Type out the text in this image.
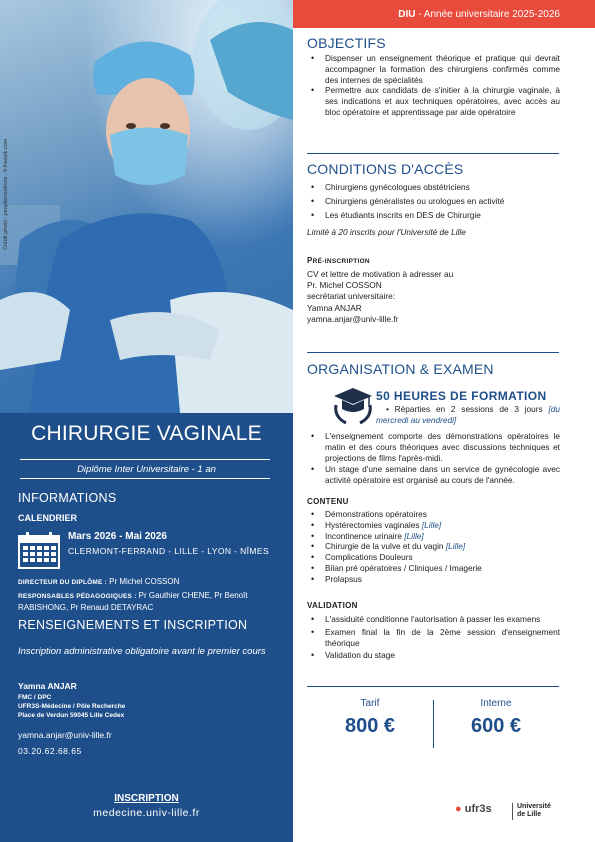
CHIRURGIE VAGINALE
Diplôme Inter Universitaire - 1 an
INFORMATIONS
CALENDRIER
Mars 2026 - Mai 2026
CLERMONT-FERRAND - LILLE - LYON - NÎMES
DIRECTEUR DU DIPLÔME : Pr Michel COSSON
RESPONSABLES PÉDAGOGIQUES : Pr Gauthier CHENE, Pr Benoît RABISHONG, Pr Renaud DETAYRAC
RENSEIGNEMENTS ET INSCRIPTION
Inscription administrative obligatoire avant le premier cours
Yamna ANJAR
FMC / DPC
UFR3S-Médecine / Pôle Recherche
Place de Verdun 59045 Lille Cedex
yamna.anjar@univ-lille.fr
03.20.62.68.65
INSCRIPTION
medecine.univ-lille.fr
DIU - Année universitaire 2025-2026
OBJECTIFS
• Dispenser un enseignement théorique et pratique qui devrait accompagner la formation des chirurgiens confirmés comme des internes de spécialités
• Permettre aux candidats de s'initier à la chirurgie vaginale, à ses indications et aux techniques opératoires, avec accès au bloc opératoire et apprentissage par aide opératoire
CONDITIONS D'ACCÈS
• Chirurgiens gynécologues obstétriciens
• Chirurgiens généralistes ou urologues en activité
• Les étudiants inscrits en DES de Chirurgie
Limité à 20 inscrits pour l'Université de Lille
PRÉ-INSCRIPTION
CV et lettre de motivation à adresser au
Pr. Michel COSSON
secrétariat universitaire:
Yamna ANJAR
yamna.anjar@univ-lille.fr
ORGANISATION & EXAMEN
50 HEURES DE FORMATION
• Réparties en 2 sessions de 3 jours [du mercredi au vendredi]
• L'enseignement comporte des démonstrations opératoires le matin et des cours théoriques avec discussions techniques et projections de films l'après-midi.
• Un stage d'une semaine dans un service de gynécologie avec activité opératoire est organisé au cours de l'année.
CONTENU
• Démonstrations opératoires
• Hystérectomies vaginales [Lille]
• Incontinence urinaire [Lille]
• Chirurgie de la vulve et du vagin [Lille]
• Complications Douleurs
• Bilan pré opératoires / Cliniques / Imagerie
• Prolapsus
VALIDATION
• L'assiduité conditionne l'autorisation à passer les examens
• Examen final la fin de la 2ème session d'enseignement théorique
• Validation du stage
Tarif
800 €
Interne
600 €
● ufr3s	Université
de Lille
